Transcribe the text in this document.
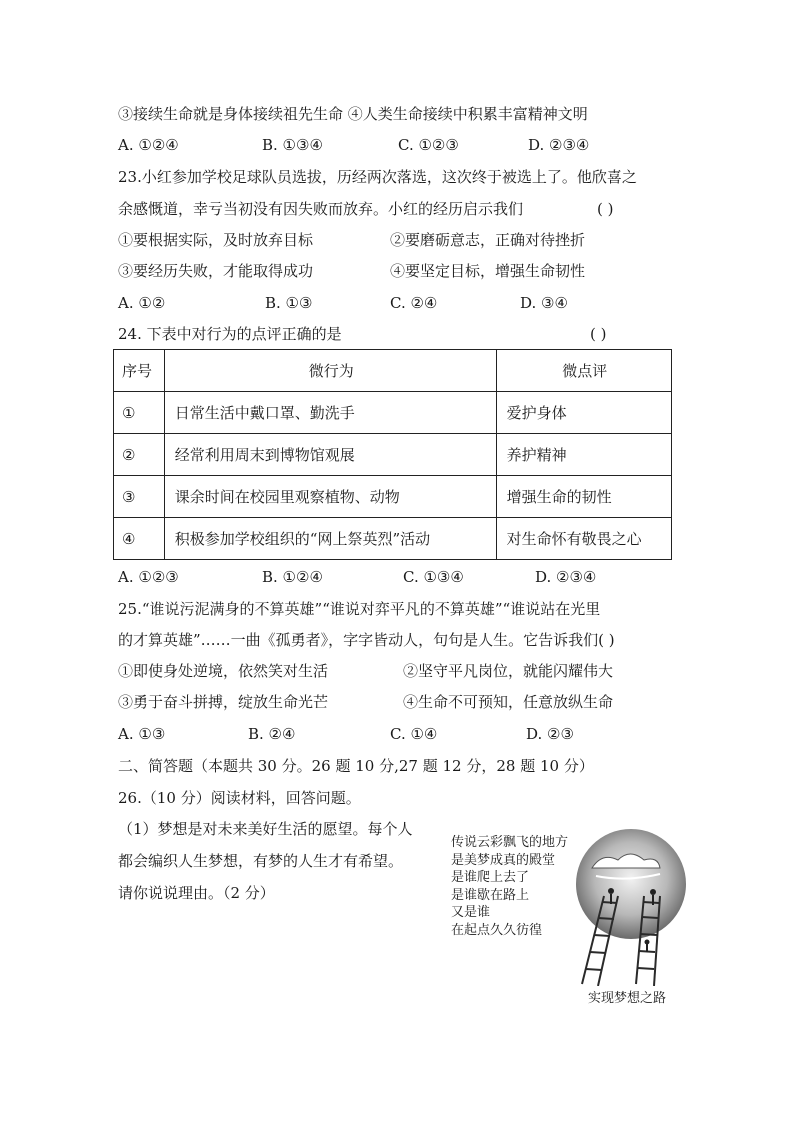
③接续生命就是身体接续祖先生命 ④人类生命接续中积累丰富精神文明
A. ①②④	B. ①③④	C. ①②③	D. ②③④
23.小红参加学校足球队员选拔，历经两次落选，这次终于被选上了。他欣喜之
余感慨道，幸亏当初没有因失败而放弃。小红的经历启示我们	( )
①要根据实际，及时放弃目标	②要磨砺意志，正确对待挫折
③要经历失败，才能取得成功	④要坚定目标，增强生命韧性
A. ①②	B. ①③	C. ②④	D. ③④
24. 下表中对行为的点评正确的是	( )
序号	微行为	微点评
①	日常生活中戴口罩、勤洗手	爱护身体
②	经常利用周末到博物馆观展	养护精神
③	课余时间在校园里观察植物、动物	增强生命的韧性
④	积极参加学校组织的“网上祭英烈”活动	对生命怀有敬畏之心
A. ①②③	B. ①②④	C. ①③④	D. ②③④
25.“谁说污泥满身的不算英雄”“谁说对弈平凡的不算英雄”“谁说站在光里
的才算英雄”……一曲《孤勇者》，字字皆动人，句句是人生。它告诉我们( )
①即使身处逆境，依然笑对生活	②坚守平凡岗位，就能闪耀伟大
③勇于奋斗拼搏，绽放生命光芒	④生命不可预知，任意放纵生命
A. ①③	B. ②④	C. ①④	D. ②③
二、简答题（本题共 30 分。26 题 10 分,27 题 12 分，28 题 10 分）
26.（10 分）阅读材料，回答问题。
（1）梦想是对未来美好生活的愿望。每个人
都会编织人生梦想，有梦的人生才有希望。
请你说说理由。（2 分）
传说云彩飘飞的地方
是美梦成真的殿堂
是谁爬上去了
是谁歇在路上
又是谁
在起点久久彷徨
实现梦想之路
